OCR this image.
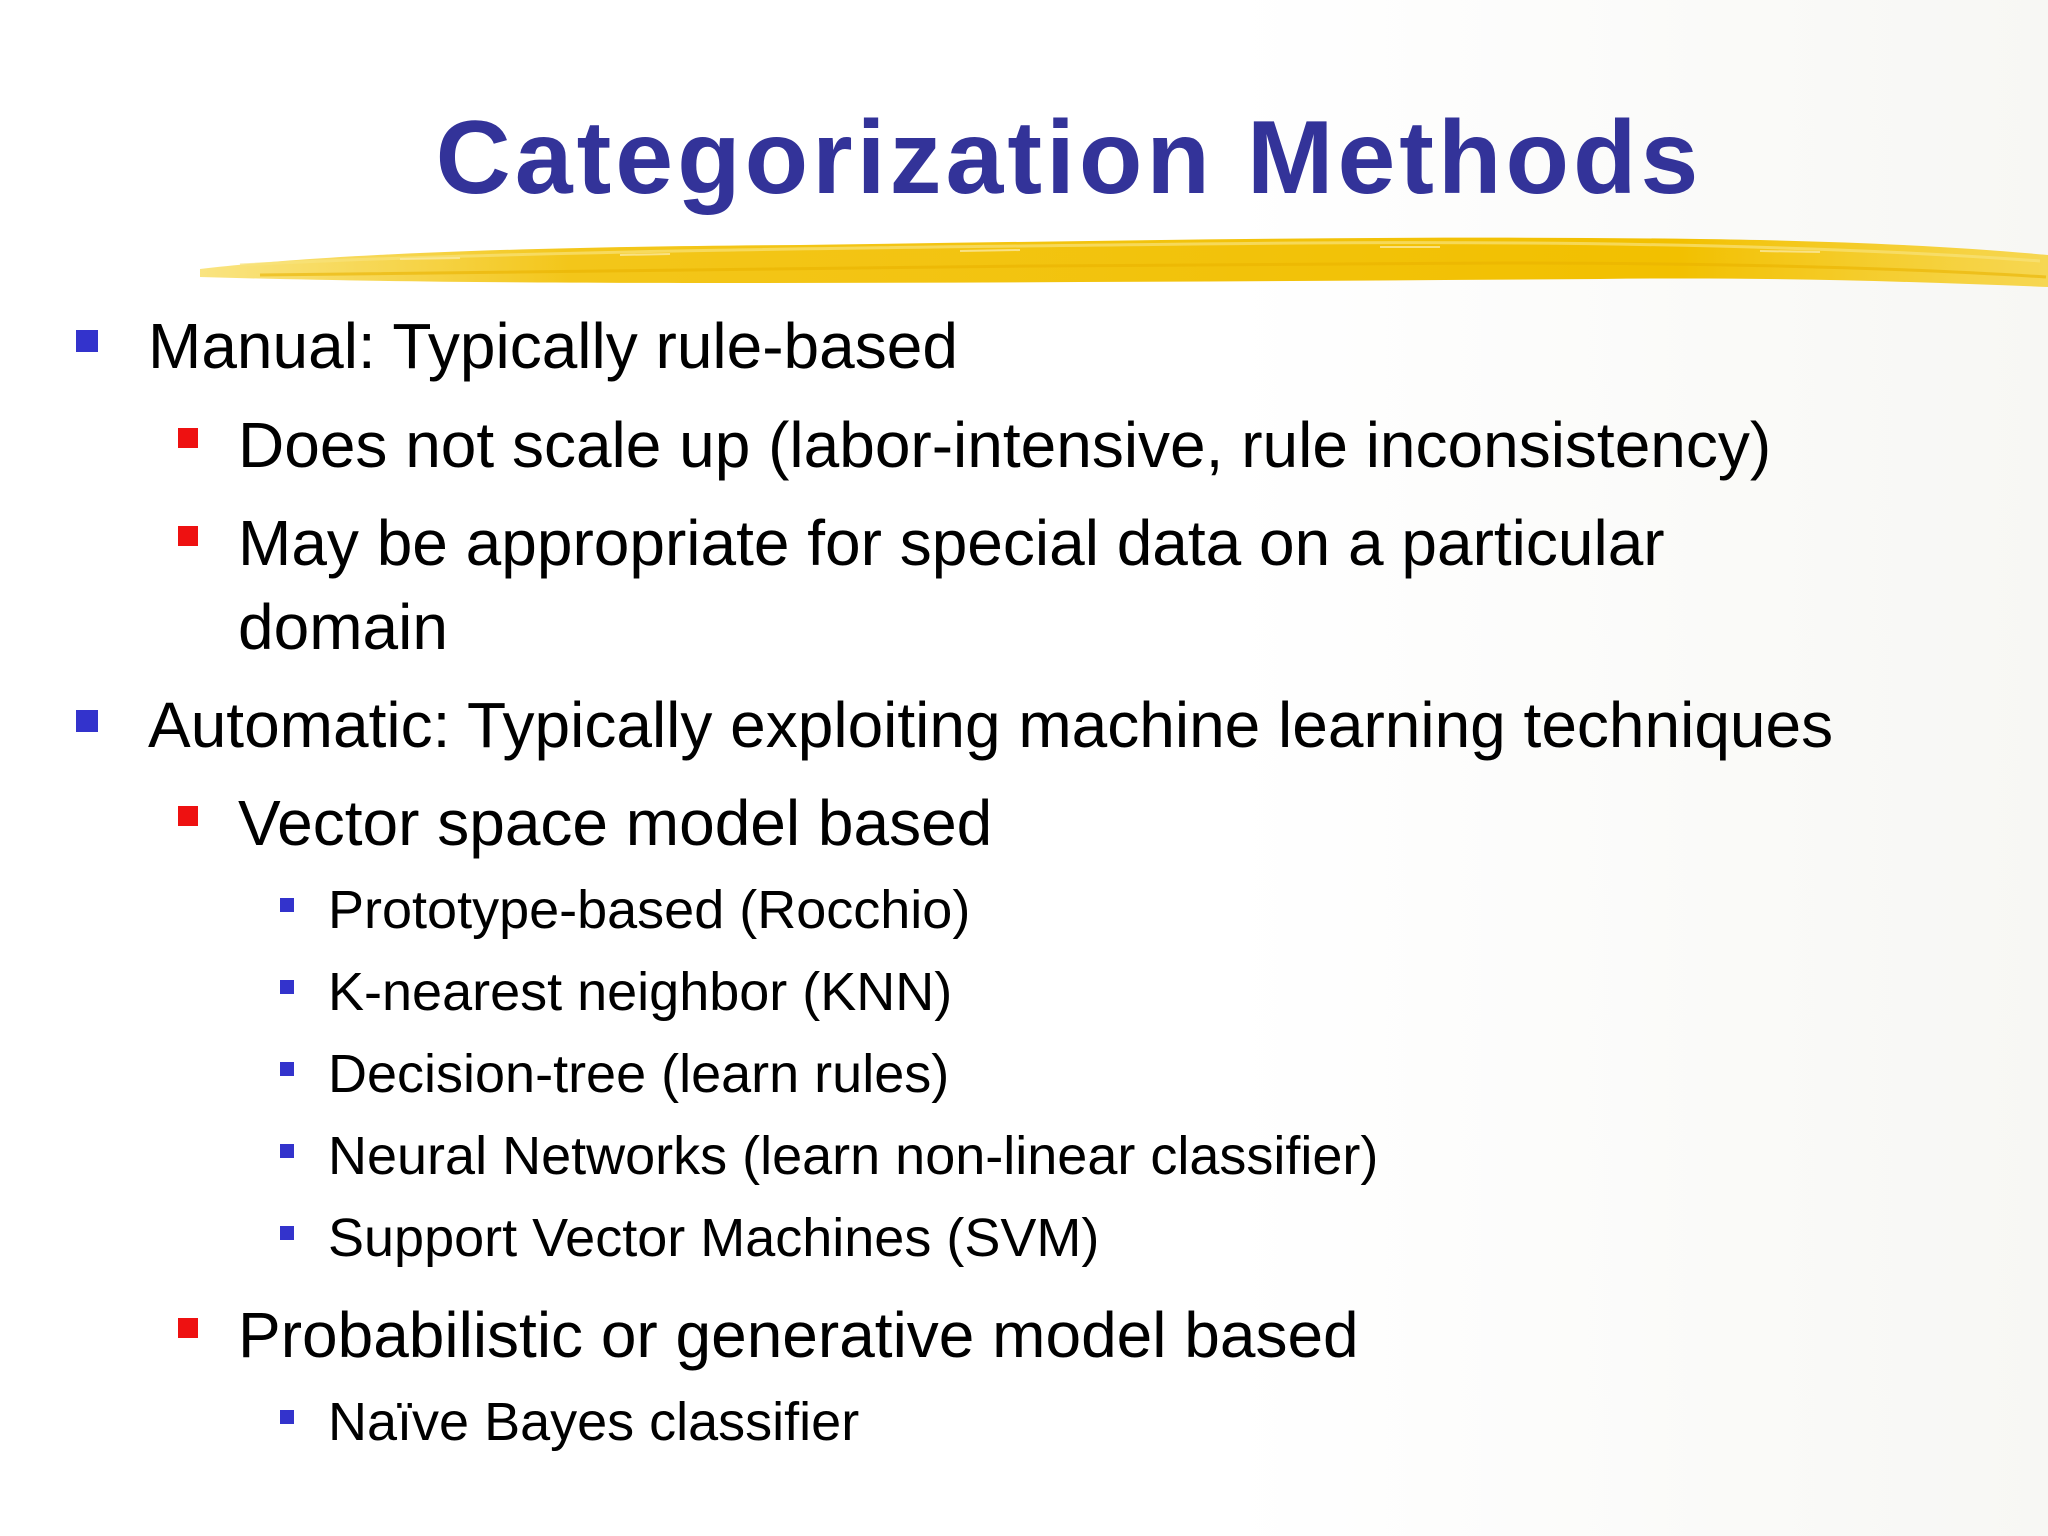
Categorization Methods
Manual: Typically rule-based
Does not scale up (labor-intensive, rule inconsistency)
May be appropriate for special data on a particular
domain
Automatic: Typically exploiting machine learning techniques
Vector space model based
Prototype-based (Rocchio)
K-nearest neighbor (KNN)
Decision-tree (learn rules)
Neural Networks (learn non-linear classifier)
Support Vector Machines (SVM)
Probabilistic or generative model based
Naïve Bayes classifier
